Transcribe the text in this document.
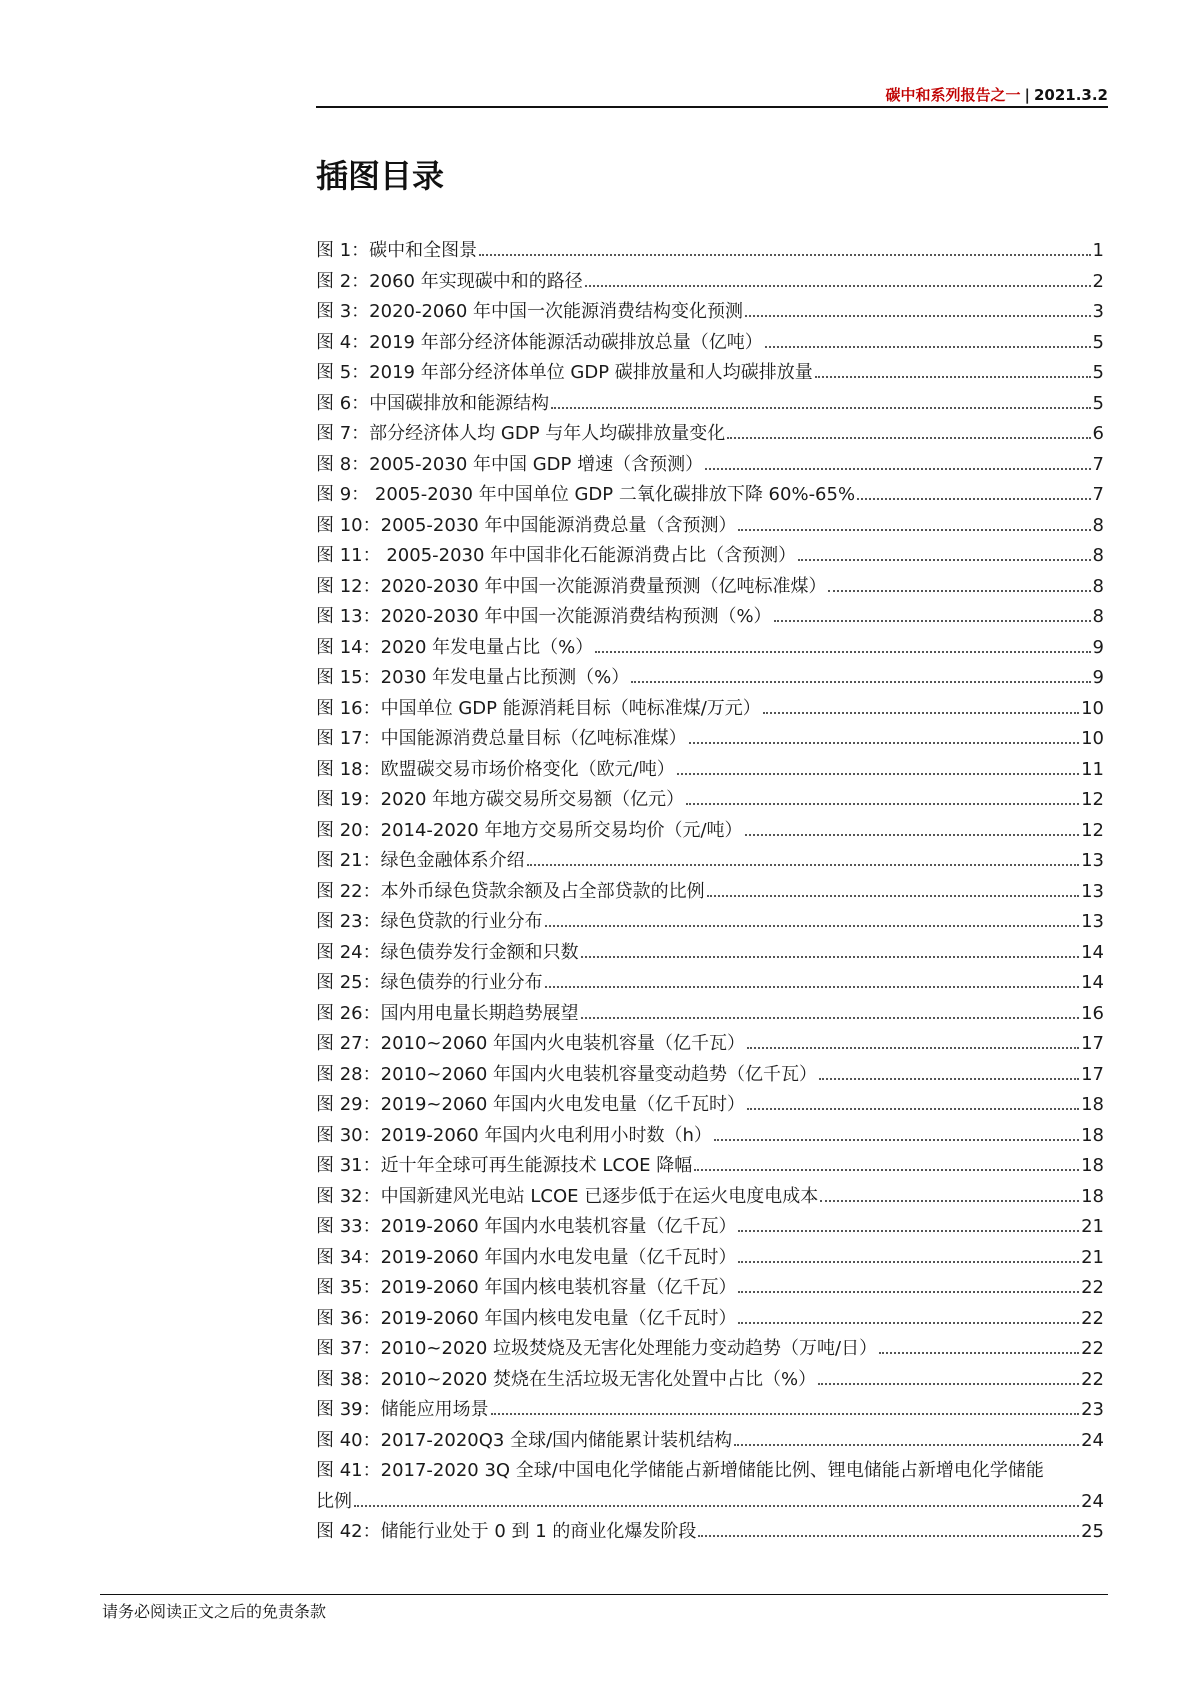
碳中和系列报告之一 | 2021.3.2
插图目录
图 1：碳中和全图景	1
图 2：2060 年实现碳中和的路径	2
图 3：2020-2060 年中国一次能源消费结构变化预测	3
图 4：2019 年部分经济体能源活动碳排放总量（亿吨）	5
图 5：2019 年部分经济体单位 GDP 碳排放量和人均碳排放量	5
图 6：中国碳排放和能源结构	5
图 7：部分经济体人均 GDP 与年人均碳排放量变化	6
图 8：2005-2030 年中国 GDP 增速（含预测）	7
图 9： 2005-2030 年中国单位 GDP 二氧化碳排放下降 60%-65%	7
图 10：2005-2030 年中国能源消费总量（含预测）	8
图 11： 2005-2030 年中国非化石能源消费占比（含预测）	8
图 12：2020-2030 年中国一次能源消费量预测（亿吨标准煤）	8
图 13：2020-2030 年中国一次能源消费结构预测（%）	8
图 14：2020 年发电量占比（%）	9
图 15：2030 年发电量占比预测（%）	9
图 16：中国单位 GDP 能源消耗目标（吨标准煤/万元）	10
图 17：中国能源消费总量目标（亿吨标准煤）	10
图 18：欧盟碳交易市场价格变化（欧元/吨）	11
图 19：2020 年地方碳交易所交易额（亿元）	12
图 20：2014-2020 年地方交易所交易均价（元/吨）	12
图 21：绿色金融体系介绍	13
图 22：本外币绿色贷款余额及占全部贷款的比例	13
图 23：绿色贷款的行业分布	13
图 24：绿色债券发行金额和只数	14
图 25：绿色债券的行业分布	14
图 26：国内用电量长期趋势展望	16
图 27：2010~2060 年国内火电装机容量（亿千瓦）	17
图 28：2010~2060 年国内火电装机容量变动趋势（亿千瓦）	17
图 29：2019~2060 年国内火电发电量（亿千瓦时）	18
图 30：2019-2060 年国内火电利用小时数（h）	18
图 31：近十年全球可再生能源技术 LCOE 降幅	18
图 32：中国新建风光电站 LCOE 已逐步低于在运火电度电成本	18
图 33：2019-2060 年国内水电装机容量（亿千瓦）	21
图 34：2019-2060 年国内水电发电量（亿千瓦时）	21
图 35：2019-2060 年国内核电装机容量（亿千瓦）	22
图 36：2019-2060 年国内核电发电量（亿千瓦时）	22
图 37：2010~2020 垃圾焚烧及无害化处理能力变动趋势（万吨/日）	22
图 38：2010~2020 焚烧在生活垃圾无害化处置中占比（%）	22
图 39：储能应用场景	23
图 40：2017-2020Q3 全球/国内储能累计装机结构	24
图 41：2017-2020 3Q 全球/中国电化学储能占新增储能比例、锂电储能占新增电化学储能
比例	24
图 42：储能行业处于 0 到 1 的商业化爆发阶段	25
请务必阅读正文之后的免责条款
